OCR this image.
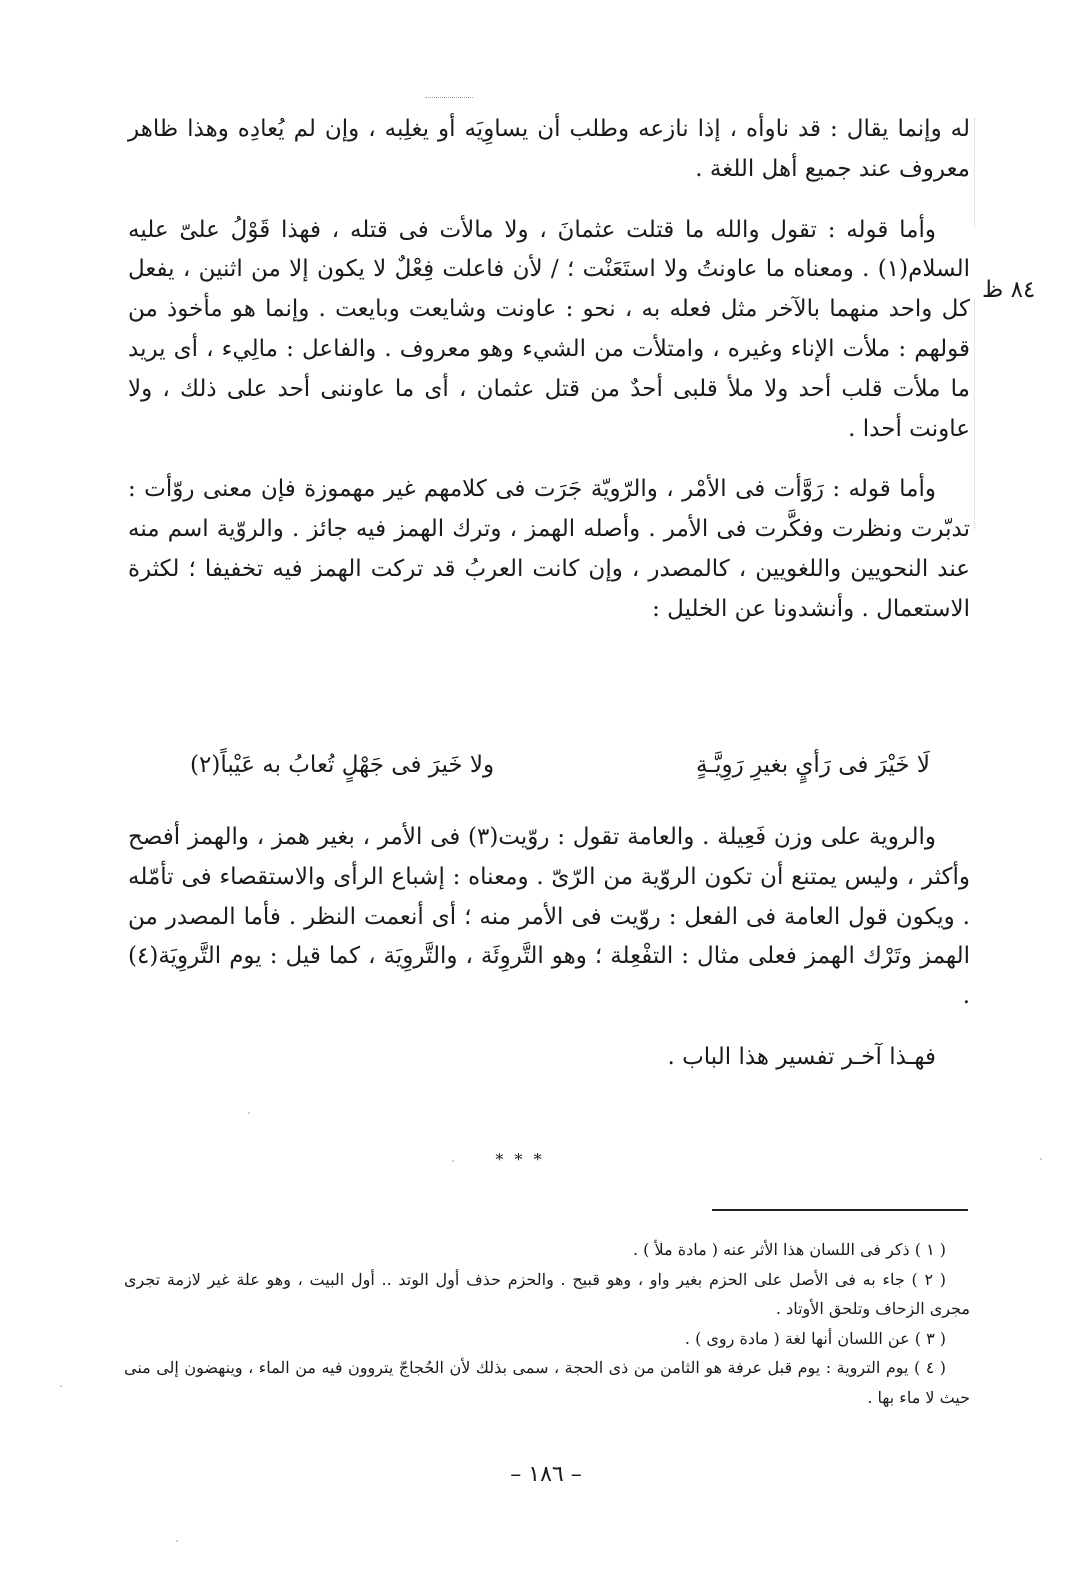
٨٤ ظ

له وإنما يقال : قد ناوأه ، إذا نازعه وطلب أن يساوِيَه أو يغلِبه ، وإن لم يُعادِه وهذا ظاهر معروف عند جميع أهل اللغة .

وأما قوله : تقول والله ما قتلت عثمانَ ، ولا مالأت فى قتله ، فهذا قَوْلُ علىّ عليه السلام(١) . ومعناه ما عاونتُ ولا استَعَنْت ؛ / لأن فاعلت فِعْلٌ لا يكون إلا من اثنين ، يفعل كل واحد منهما بالآخر مثل فعله به ، نحو : عاونت وشايعت وبايعت . وإنما هو مأخوذ من قولهم : ملأت الإناء وغيره ، وامتلأت من الشيء وهو معروف . والفاعل : مالِيء ، أى يريد ما ملأت قلب أحد ولا ملأ قلبى أحدٌ من قتل عثمان ، أى ما عاوننى أحد على ذلك ، ولا عاونت أحدا .

وأما قوله : رَوَّأت فى الأمْر ، والرّويّة جَرَت فى كلامهم غير مهموزة فإن معنى روّأت : تدبّرت ونظرت وفكَّرت فى الأمر . وأصله الهمز ، وترك الهمز فيه جائز . والروّية اسم منه عند النحويين واللغويين ، كالمصدر ، وإن كانت العربُ قد تركت الهمز فيه تخفيفا ؛ لكثرة الاستعمال . وأنشدونا عن الخليل :

لَا خَيْرَ فى رَأيٍ بغيرِ رَوِيَّـةٍ
ولا خَيرَ فى جَهْلٍ تُعابُ به عَيْباً(٢)

والروية على وزن فَعِيلة . والعامة تقول : روّيت(٣) فى الأمر ، بغير همز ، والهمز أفصح وأكثر ، وليس يمتنع أن تكون الروّية من الرّىّ . ومعناه : إشباع الرأى والاستقصاء فى تأمّله . ويكون قول العامة فى الفعل : روّيت فى الأمر منه ؛ أى أنعمت النظر . فأما المصدر من الهمز وتَرْك الهمز فعلى مثال : التفْعِلة ؛ وهو التَّروِئَة ، والتَّروِيَة ، كما قيل : يوم التَّروِيَة(٤) .

فهـذا آخـر تفسير هذا الباب .

* * *

( ١ ) ذكر فى اللسان هذا الأثر عنه ( مادة ملأ ) .

( ٢ ) جاء به فى الأصل على الحزم بغير واو ، وهو قبيح . والحزم حذف أول الوتد .. أول البيت ، وهو علة غير لازمة تجرى مجرى الزحاف وتلحق الأوتاد .

( ٣ ) عن اللسان أنها لغة ( مادة روى ) .

( ٤ ) يوم التروية : يوم قبل عرفة هو الثامن من ذى الحجة ، سمى بذلك لأن الحُجاجّ يتروون فيه من الماء ، وينهضون إلى منى حيث لا ماء بها .

– ١٨٦ –
